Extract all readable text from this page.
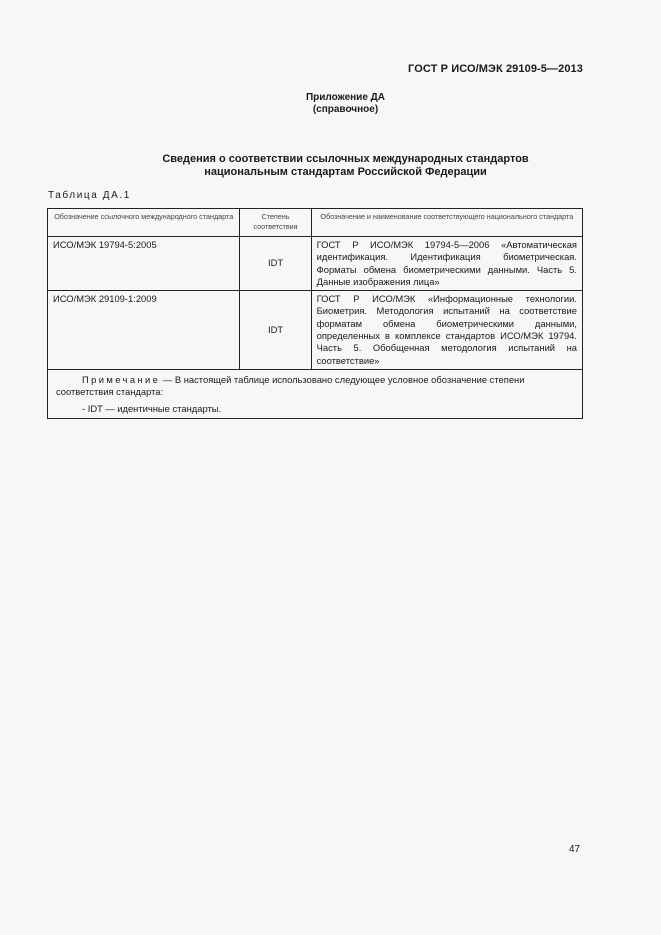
ГОСТ Р ИСО/МЭК 29109-5—2013
Приложение ДА
(справочное)
Сведения о соответствии ссылочных международных стандартов
национальным стандартам Российской Федерации
Таблица ДА.1
Обозначение ссылочного международного стандарта	Степень соответствия	Обозначение и наименование соответствующего национального стандарта
ИСО/МЭК 19794-5:2005	IDT	ГОСТ Р ИСО/МЭК 19794-5—2006 «Автоматическая идентификация. Идентификация биометрическая. Форматы обмена биометрическими данными. Часть 5. Данные изображения лица»
ИСО/МЭК 29109-1:2009	IDT	ГОСТ Р ИСО/МЭК «Информационные технологии. Биометрия. Методология испытаний на соответствие форматам обмена биометрическими данными, определенных в комплексе стандартов ИСО/МЭК 19794. Часть 5. Обобщенная методология испытаний на соответствие»
Примечание — В настоящей таблице использовано следующее условное обозначение степени соответствия стандарта:
- IDT — идентичные стандарты.		
47
